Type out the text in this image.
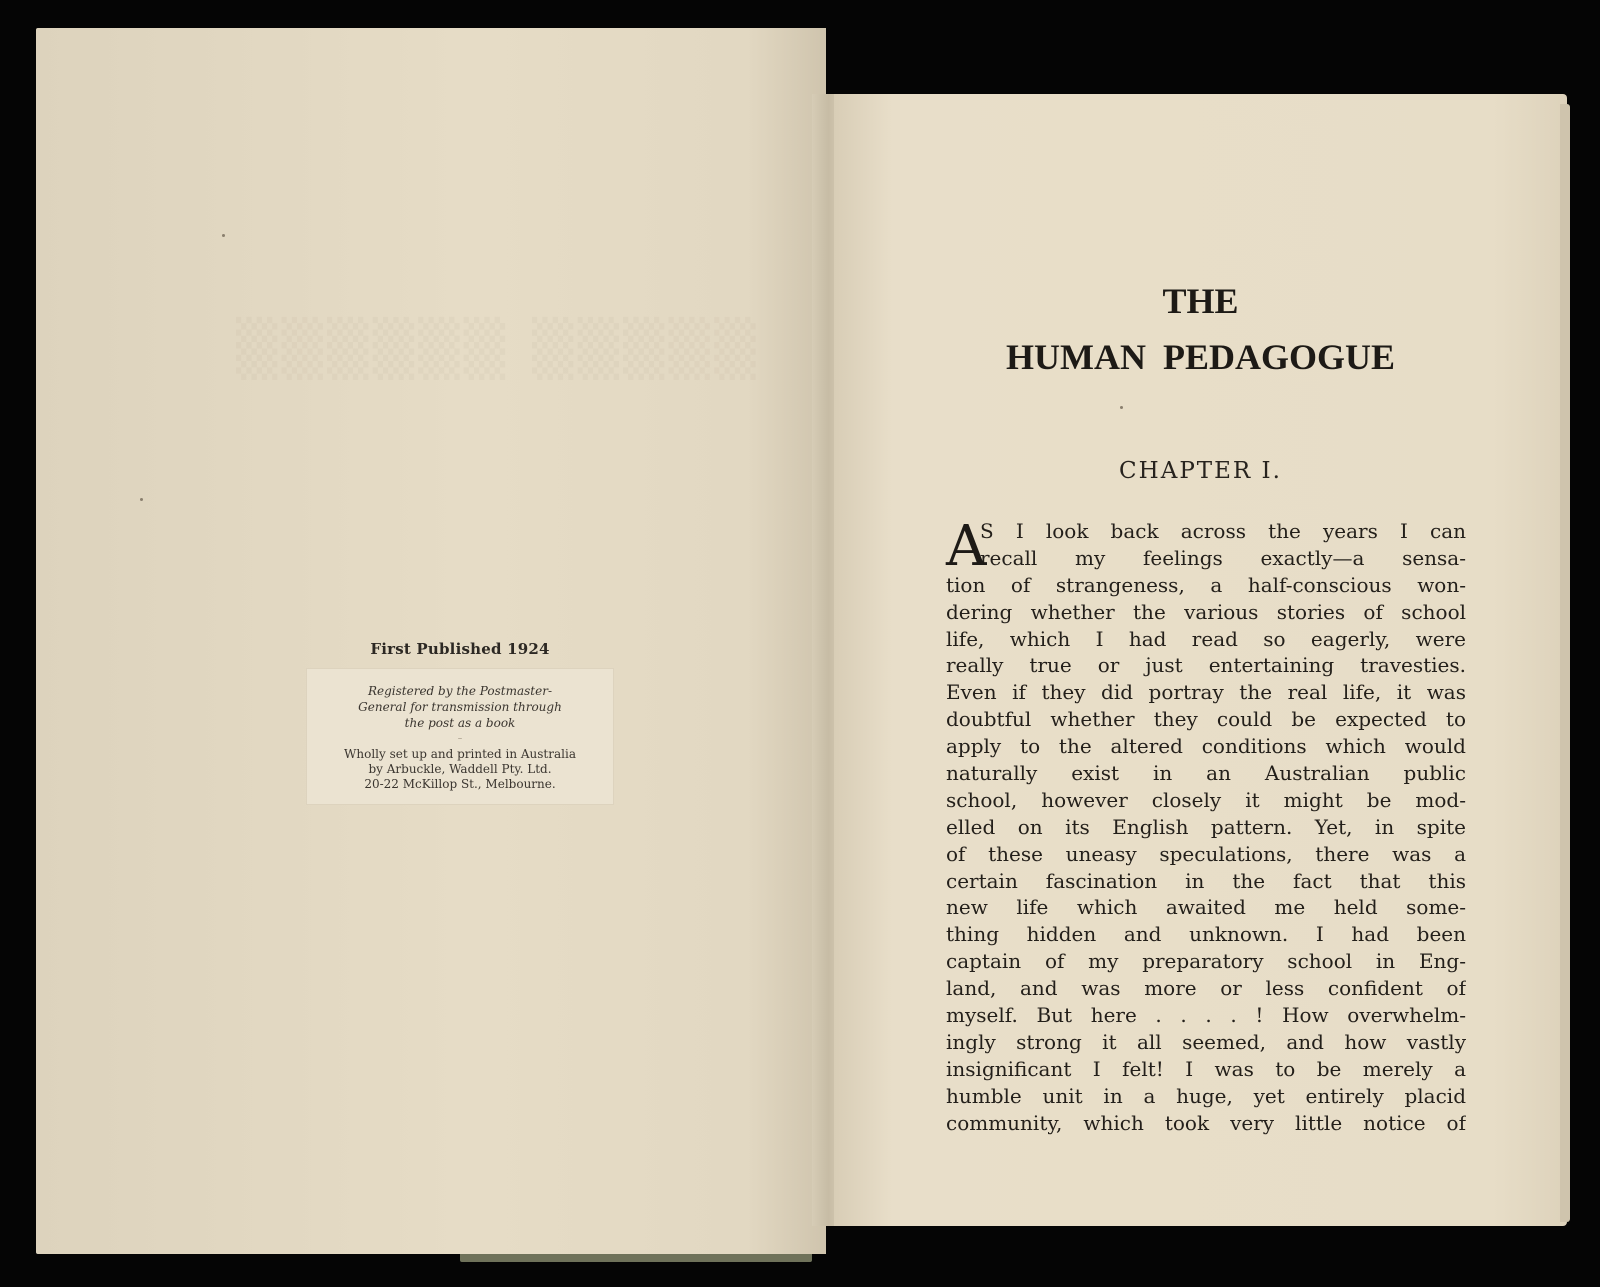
▒▒▒▒▒▒ ▒▒▒▒▒
First Published 1924
Registered by the Postmaster-
General for transmission through
the post as a book
–
Wholly set up and printed in Australia
by Arbuckle, Waddell Pty. Ltd.
20-22 McKillop St., Melbourne.
THE
HUMAN PEDAGOGUE
CHAPTER I.
A
S I look back across the years I can
recall my feelings exactly—a sensa-
tion of strangeness, a half-conscious won-
dering whether the various stories of school
life, which I had read so eagerly, were
really true or just entertaining travesties.
Even if they did portray the real life, it was
doubtful whether they could be expected to
apply to the altered conditions which would
naturally exist in an Australian public
school, however closely it might be mod-
elled on its English pattern. Yet, in spite
of these uneasy speculations, there was a
certain fascination in the fact that this
new life which awaited me held some-
thing hidden and unknown. I had been
captain of my preparatory school in Eng-
land, and was more or less confident of
myself. But here . . . . ! How overwhelm-
ingly strong it all seemed, and how vastly
insignificant I felt! I was to be merely a
humble unit in a huge, yet entirely placid
community, which took very little notice of
